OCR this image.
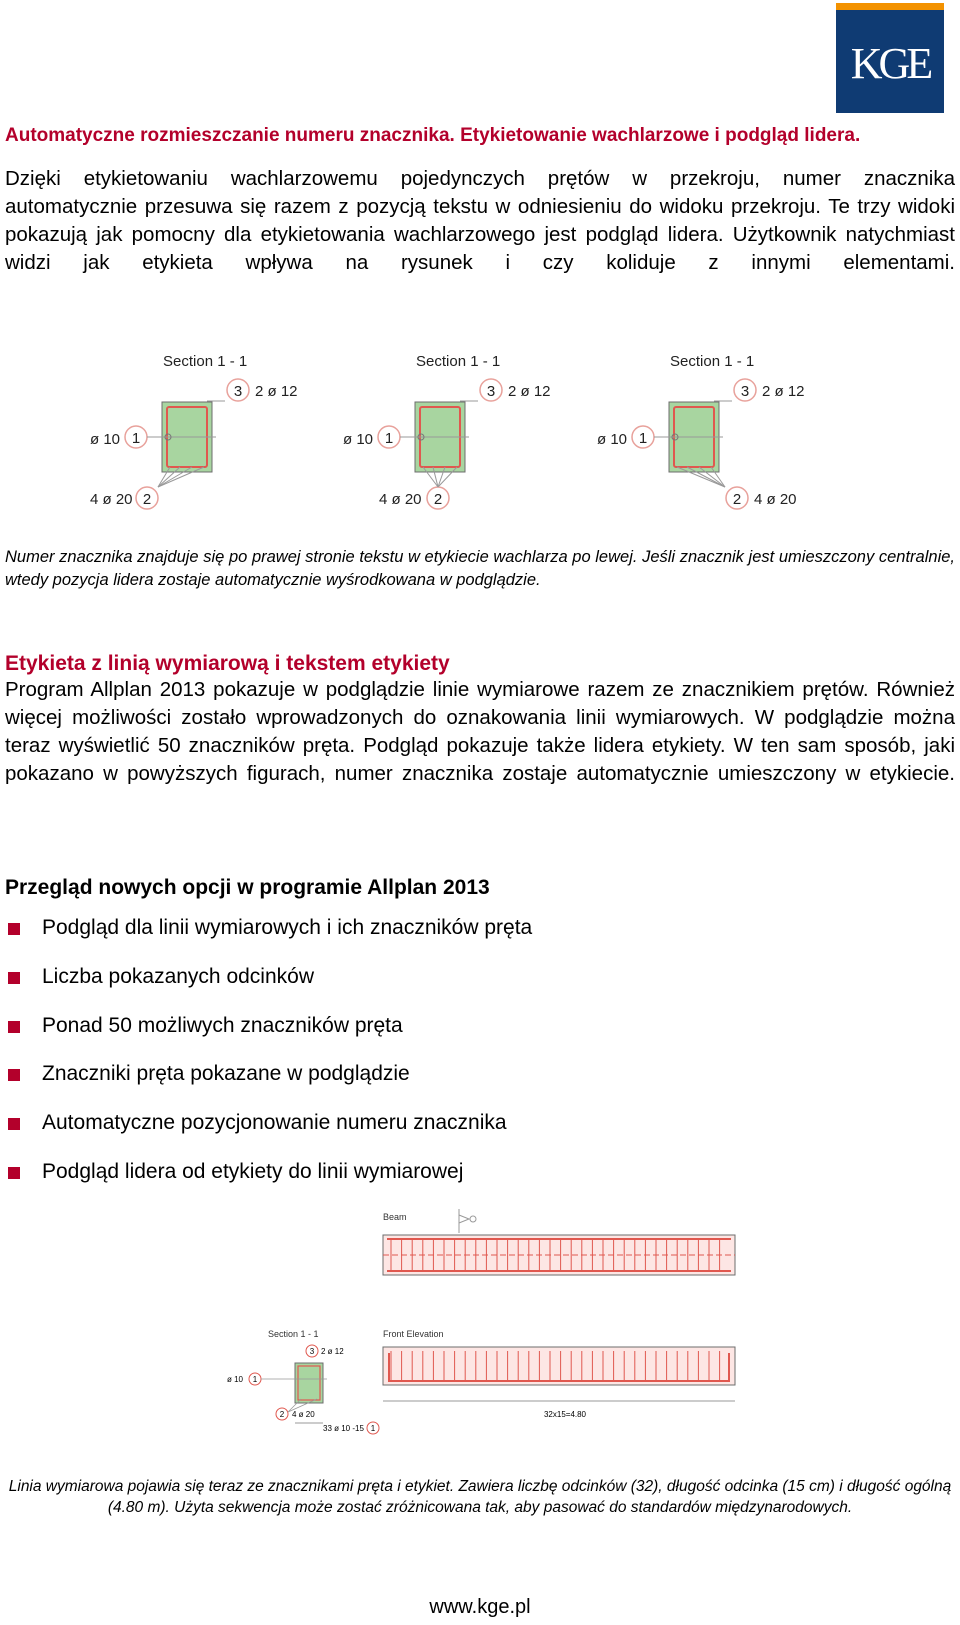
KGE
Automatyczne rozmieszczanie numeru znacznika. Etykietowanie wachlarzowe i podgląd lidera.

Dzięki etykietowaniu wachlarzowemu pojedynczych prętów w przekroju, numer znacznika automatycznie przesuwa się razem z pozycją tekstu w odniesieniu do widoku przekroju. Te trzy widoki pokazują jak pomocny dla etykietowania wachlarzowego jest podgląd lidera. Użytkownik natychmiast widzi jak etykieta wpływa na rysunek i czy koliduje z innymi elementami.

Section 1 - 1
3 2 ø 12
ø 10 1
4 ø 20 2
Section 1 - 1
3 2 ø 12
ø 10 1
4 ø 20 2
Section 1 - 1
3 2 ø 12
ø 10 1
2 4 ø 20

Numer znacznika znajduje się po prawej stronie tekstu w etykiecie wachlarza po lewej. Jeśli znacznik jest umieszczony centralnie, wtedy pozycja lidera zostaje automatycznie wyśrodkowana w podglądzie.

Etykieta z linią wymiarową i tekstem etykiety

Program Allplan 2013 pokazuje w podglądzie linie wymiarowe razem ze znacznikiem prętów. Również więcej możliwości zostało wprowadzonych do oznakowania linii wymiarowych. W podglądzie można teraz wyświetlić 50 znaczników pręta. Podgląd pokazuje także lidera etykiety. W ten sam sposób, jaki pokazano w powyższych figurach, numer znacznika zostaje automatycznie umieszczony w etykiecie.

Przegląd nowych opcji w programie Allplan 2013
Podgląd dla linii wymiarowych i ich znaczników pręta
Liczba pokazanych odcinków
Ponad 50 możliwych znaczników pręta
Znaczniki pręta pokazane w podglądzie
Automatyczne pozycjonowanie numeru znacznika
Podgląd lidera od etykiety do linii wymiarowej
Beam
Section 1 - 1
3 2 ø 12
ø 10 1
2 4 ø 20
33 ø 10 -15 1
Front Elevation
32x15=4.80

Linia wymiarowa pojawia się teraz ze znacznikami pręta i etykiet. Zawiera liczbę odcinków (32), długość odcinka (15 cm) i długość ogólną (4.80 m). Użyta sekwencja może zostać zróżnicowana tak, aby pasować do standardów międzynarodowych.

www.kge.pl
